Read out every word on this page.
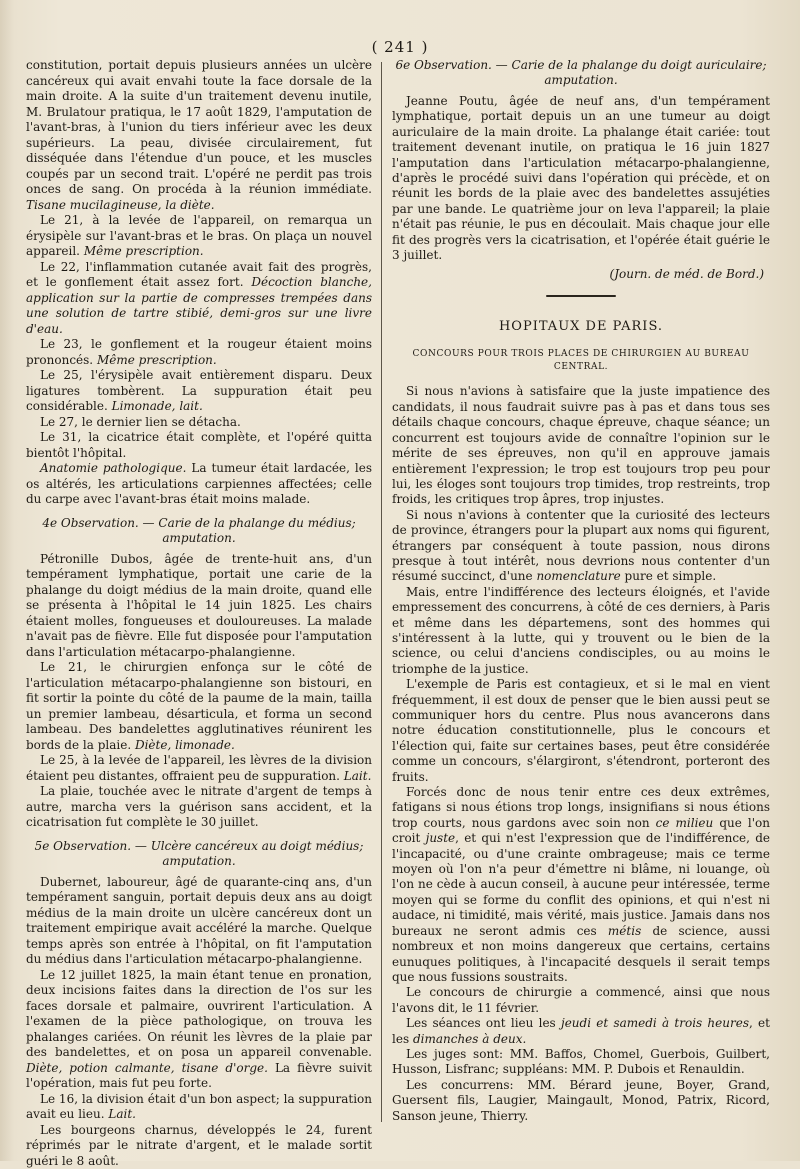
( 241 )

constitution, portait depuis plusieurs années un ulcère cancéreux qui avait envahi toute la face dorsale de la main droite. A la suite d'un traitement devenu inutile, M. Brulatour pratiqua, le 17 août 1829, l'amputation de l'avant-bras, à l'union du tiers inférieur avec les deux supérieurs. La peau, divisée circulairement, fut disséquée dans l'étendue d'un pouce, et les muscles coupés par un second trait. L'opéré ne perdit pas trois onces de sang. On procéda à la réunion immédiate. Tisane mucilagineuse, la diète.

Le 21, à la levée de l'appareil, on remarqua un érysipèle sur l'avant-bras et le bras. On plaça un nouvel appareil. Même prescription.

Le 22, l'inflammation cutanée avait fait des progrès, et le gonflement était assez fort. Décoction blanche, application sur la partie de compresses trempées dans une solution de tartre stibié, demi-gros sur une livre d'eau.

Le 23, le gonflement et la rougeur étaient moins prononcés. Même prescription.

Le 25, l'érysipèle avait entièrement disparu. Deux ligatures tombèrent. La suppuration était peu considérable. Limonade, lait.

Le 27, le dernier lien se détacha.

Le 31, la cicatrice était complète, et l'opéré quitta bientôt l'hôpital.

Anatomie pathologique. La tumeur était lardacée, les os altérés, les articulations carpiennes affectées; celle du carpe avec l'avant-bras était moins malade.

4e Observation. — Carie de la phalange du médius; amputation.

Pétronille Dubos, âgée de trente-huit ans, d'un tempérament lymphatique, portait une carie de la phalange du doigt médius de la main droite, quand elle se présenta à l'hôpital le 14 juin 1825. Les chairs étaient molles, fongueuses et douloureuses. La malade n'avait pas de fièvre. Elle fut disposée pour l'amputation dans l'articulation métacarpo-phalangienne.

Le 21, le chirurgien enfonça sur le côté de l'articulation métacarpo-phalangienne son bistouri, en fit sortir la pointe du côté de la paume de la main, tailla un premier lambeau, désarticula, et forma un second lambeau. Des bandelettes agglutinatives réunirent les bords de la plaie. Diète, limonade.

Le 25, à la levée de l'appareil, les lèvres de la division étaient peu distantes, offraient peu de suppuration. Lait.

La plaie, touchée avec le nitrate d'argent de temps à autre, marcha vers la guérison sans accident, et la cicatrisation fut complète le 30 juillet.

5e Observation. — Ulcère cancéreux au doigt médius; amputation.

Dubernet, laboureur, âgé de quarante-cinq ans, d'un tempérament sanguin, portait depuis deux ans au doigt médius de la main droite un ulcère cancéreux dont un traitement empirique avait accéléré la marche. Quelque temps après son entrée à l'hôpital, on fit l'amputation du médius dans l'articulation métacarpo-phalangienne.

Le 12 juillet 1825, la main étant tenue en pronation, deux incisions faites dans la direction de l'os sur les faces dorsale et palmaire, ouvrirent l'articulation. A l'examen de la pièce pathologique, on trouva les phalanges cariées. On réunit les lèvres de la plaie par des bandelettes, et on posa un appareil convenable. Diète, potion calmante, tisane d'orge. La fièvre suivit l'opération, mais fut peu forte.

Le 16, la division était d'un bon aspect; la suppuration avait eu lieu. Lait.

Les bourgeons charnus, développés le 24, furent réprimés par le nitrate d'argent, et le malade sortit guéri le 8 août.

6e Observation. — Carie de la phalange du doigt auriculaire; amputation.

Jeanne Poutu, âgée de neuf ans, d'un tempérament lymphatique, portait depuis un an une tumeur au doigt auriculaire de la main droite. La phalange était cariée: tout traitement devenant inutile, on pratiqua le 16 juin 1827 l'amputation dans l'articulation métacarpo-phalangienne, d'après le procédé suivi dans l'opération qui précède, et on réunit les bords de la plaie avec des bandelettes assujéties par une bande. Le quatrième jour on leva l'appareil; la plaie n'était pas réunie, le pus en découlait. Mais chaque jour elle fit des progrès vers la cicatrisation, et l'opérée était guérie le 3 juillet.

(Journ. de méd. de Bord.)
HOPITAUX DE PARIS.
CONCOURS POUR TROIS PLACES DE CHIRURGIEN AU BUREAU CENTRAL.

Si nous n'avions à satisfaire que la juste impatience des candidats, il nous faudrait suivre pas à pas et dans tous ses détails chaque concours, chaque épreuve, chaque séance; un concurrent est toujours avide de connaître l'opinion sur le mérite de ses épreuves, non qu'il en approuve jamais entièrement l'expression; le trop est toujours trop peu pour lui, les éloges sont toujours trop timides, trop restreints, trop froids, les critiques trop âpres, trop injustes.

Si nous n'avions à contenter que la curiosité des lecteurs de province, étrangers pour la plupart aux noms qui figurent, étrangers par conséquent à toute passion, nous dirons presque à tout intérêt, nous devrions nous contenter d'un résumé succinct, d'une nomenclature pure et simple.

Mais, entre l'indifférence des lecteurs éloignés, et l'avide empressement des concurrens, à côté de ces derniers, à Paris et même dans les départemens, sont des hommes qui s'intéressent à la lutte, qui y trouvent ou le bien de la science, ou celui d'anciens condisciples, ou au moins le triomphe de la justice.

L'exemple de Paris est contagieux, et si le mal en vient fréquemment, il est doux de penser que le bien aussi peut se communiquer hors du centre. Plus nous avancerons dans notre éducation constitutionnelle, plus le concours et l'élection qui, faite sur certaines bases, peut être considérée comme un concours, s'élargiront, s'étendront, porteront des fruits.

Forcés donc de nous tenir entre ces deux extrêmes, fatigans si nous étions trop longs, insignifians si nous étions trop courts, nous gardons avec soin non ce milieu que l'on croit juste, et qui n'est l'expression que de l'indifférence, de l'incapacité, ou d'une crainte ombrageuse; mais ce terme moyen où l'on n'a peur d'émettre ni blâme, ni louange, où l'on ne cède à aucun conseil, à aucune peur intéressée, terme moyen qui se forme du conflit des opinions, et qui n'est ni audace, ni timidité, mais vérité, mais justice. Jamais dans nos bureaux ne seront admis ces métis de science, aussi nombreux et non moins dangereux que certains, certains eunuques politiques, à l'incapacité desquels il serait temps que nous fussions soustraits.

Le concours de chirurgie a commencé, ainsi que nous l'avons dit, le 11 février.

Les séances ont lieu les jeudi et samedi à trois heures, et les dimanches à deux.

Les juges sont: MM. Baffos, Chomel, Guerbois, Guilbert, Husson, Lisfranc; suppléans: MM. P. Dubois et Renauldin.

Les concurrens: MM. Bérard jeune, Boyer, Grand, Guersent fils, Laugier, Maingault, Monod, Patrix, Ricord, Sanson jeune, Thierry.
